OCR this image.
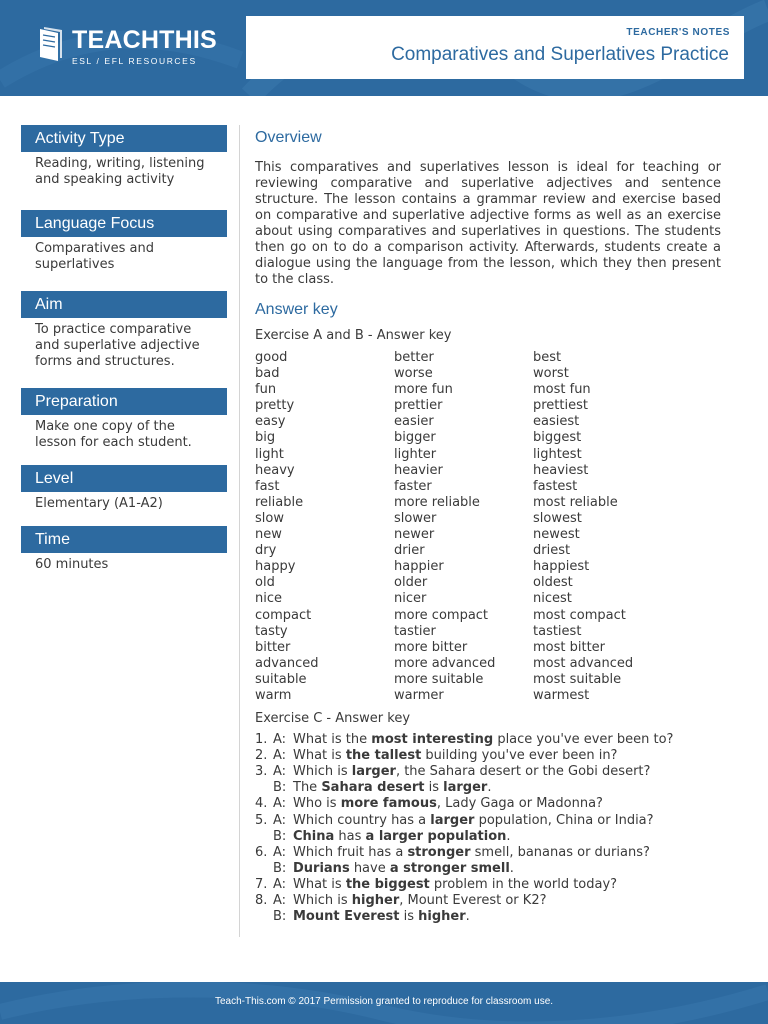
TEACHTHIS
ESL / EFL RESOURCES
TEACHER'S NOTES
Comparatives and Superlatives Practice
Activity Type
Reading, writing, listening and speaking activity
Language Focus
Comparatives and superlatives
Aim
To practice comparative and superlative adjective forms and structures.
Preparation
Make one copy of the lesson for each student.
Level
Elementary (A1-A2)
Time
60 minutes
Overview

This comparatives and superlatives lesson is ideal for teaching or reviewing comparative and superlative adjectives and sentence structure. The lesson contains a grammar review and exercise based on comparative and superlative adjective forms as well as an exercise about using comparatives and superlatives in questions. The students then go on to do a comparison activity. Afterwards, students create a dialogue using the language from the lesson, which they then present to the class.

Answer key
Exercise A and B - Answer key
good	better	best
bad	worse	worst
fun	more fun	most fun
pretty	prettier	prettiest
easy	easier	easiest
big	bigger	biggest
light	lighter	lightest
heavy	heavier	heaviest
fast	faster	fastest
reliable	more reliable	most reliable
slow	slower	slowest
new	newer	newest
dry	drier	driest
happy	happier	happiest
old	older	oldest
nice	nicer	nicest
compact	more compact	most compact
tasty	tastier	tastiest
bitter	more bitter	most bitter
advanced	more advanced	most advanced
suitable	more suitable	most suitable
warm	warmer	warmest
Exercise C - Answer key
1. A: What is the most interesting place you've ever been to?
2. A: What is the tallest building you've ever been in?
3. A: Which is larger, the Sahara desert or the Gobi desert?
B: The Sahara desert is larger.
4. A: Who is more famous, Lady Gaga or Madonna?
5. A: Which country has a larger population, China or India?
B: China has a larger population.
6. A: Which fruit has a stronger smell, bananas or durians?
B: Durians have a stronger smell.
7. A: What is the biggest problem in the world today?
8. A: Which is higher, Mount Everest or K2?
B: Mount Everest is higher.
Teach-This.com © 2017 Permission granted to reproduce for classroom use.
